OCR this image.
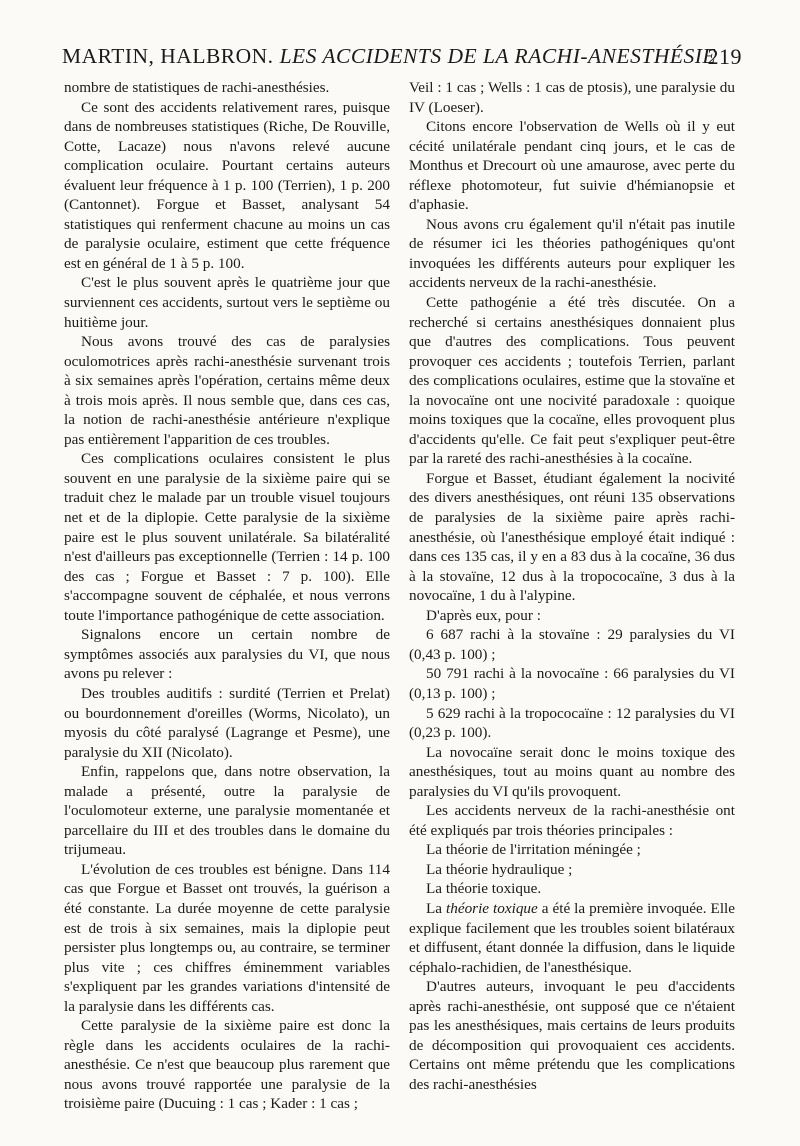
MARTIN, HALBRON. LES ACCIDENTS DE LA RACHI-ANESTHÉSIE
219

nombre de statistiques de rachi-anesthésies.

Ce sont des accidents relativement rares, puisque dans de nombreuses statistiques (Riche, De Rouville, Cotte, Lacaze) nous n'avons relevé aucune complication oculaire. Pourtant certains auteurs évaluent leur fréquence à 1 p. 100 (Terrien), 1 p. 200 (Cantonnet). Forgue et Basset, analysant 54 statistiques qui renferment chacune au moins un cas de paralysie oculaire, estiment que cette fréquence est en général de 1 à 5 p. 100.

C'est le plus souvent après le quatrième jour que surviennent ces accidents, surtout vers le septième ou huitième jour.

Nous avons trouvé des cas de paralysies oculomotrices après rachi-anesthésie survenant trois à six semaines après l'opération, certains même deux à trois mois après. Il nous semble que, dans ces cas, la notion de rachi-anesthésie antérieure n'explique pas entièrement l'apparition de ces troubles.

Ces complications oculaires consistent le plus souvent en une paralysie de la sixième paire qui se traduit chez le malade par un trouble visuel toujours net et de la diplopie. Cette paralysie de la sixième paire est le plus souvent unilatérale. Sa bilatéralité n'est d'ailleurs pas exceptionnelle (Terrien : 14 p. 100 des cas ; Forgue et Basset : 7 p. 100). Elle s'accompagne souvent de céphalée, et nous verrons toute l'importance pathogénique de cette association.

Signalons encore un certain nombre de symptômes associés aux paralysies du VI, que nous avons pu relever :

Des troubles auditifs : surdité (Terrien et Prelat) ou bourdonnement d'oreilles (Worms, Nicolato), un myosis du côté paralysé (Lagrange et Pesme), une paralysie du XII (Nicolato).

Enfin, rappelons que, dans notre observation, la malade a présenté, outre la paralysie de l'oculomoteur externe, une paralysie momentanée et parcellaire du III et des troubles dans le domaine du trijumeau.

L'évolution de ces troubles est bénigne. Dans 114 cas que Forgue et Basset ont trouvés, la guérison a été constante. La durée moyenne de cette paralysie est de trois à six semaines, mais la diplopie peut persister plus longtemps ou, au contraire, se terminer plus vite ; ces chiffres éminemment variables s'expliquent par les grandes variations d'intensité de la paralysie dans les différents cas.

Cette paralysie de la sixième paire est donc la règle dans les accidents oculaires de la rachi-anesthésie. Ce n'est que beaucoup plus rarement que nous avons trouvé rapportée une paralysie de la troisième paire (Ducuing : 1 cas ; Kader : 1 cas ;

Veil : 1 cas ; Wells : 1 cas de ptosis), une paralysie du IV (Loeser).

Citons encore l'observation de Wells où il y eut cécité unilatérale pendant cinq jours, et le cas de Monthus et Drecourt où une amaurose, avec perte du réflexe photomoteur, fut suivie d'hémianopsie et d'aphasie.

Nous avons cru également qu'il n'était pas inutile de résumer ici les théories pathogéniques qu'ont invoquées les différents auteurs pour expliquer les accidents nerveux de la rachi-anesthésie.

Cette pathogénie a été très discutée. On a recherché si certains anesthésiques donnaient plus que d'autres des complications. Tous peuvent provoquer ces accidents ; toutefois Terrien, parlant des complications oculaires, estime que la stovaïne et la novocaïne ont une nocivité paradoxale : quoique moins toxiques que la cocaïne, elles provoquent plus d'accidents qu'elle. Ce fait peut s'expliquer peut-être par la rareté des rachi-anesthésies à la cocaïne.

Forgue et Basset, étudiant également la nocivité des divers anesthésiques, ont réuni 135 observations de paralysies de la sixième paire après rachi-anesthésie, où l'anesthésique employé était indiqué : dans ces 135 cas, il y en a 83 dus à la cocaïne, 36 dus à la stovaïne, 12 dus à la tropococaïne, 3 dus à la novocaïne, 1 du à l'alypine.

D'après eux, pour :

6 687 rachi à la stovaïne : 29 paralysies du VI (0,43 p. 100) ;

50 791 rachi à la novocaïne : 66 paralysies du VI (0,13 p. 100) ;

5 629 rachi à la tropococaïne : 12 paralysies du VI (0,23 p. 100).

La novocaïne serait donc le moins toxique des anesthésiques, tout au moins quant au nombre des paralysies du VI qu'ils provoquent.

Les accidents nerveux de la rachi-anesthésie ont été expliqués par trois théories principales :

La théorie de l'irritation méningée ;

La théorie hydraulique ;

La théorie toxique.

La théorie toxique a été la première invoquée. Elle explique facilement que les troubles soient bilatéraux et diffusent, étant donnée la diffusion, dans le liquide céphalo-rachidien, de l'anesthésique.

D'autres auteurs, invoquant le peu d'accidents après rachi-anesthésie, ont supposé que ce n'étaient pas les anesthésiques, mais certains de leurs produits de décomposition qui provoquaient ces accidents. Certains ont même prétendu que les complications des rachi-anesthésies
